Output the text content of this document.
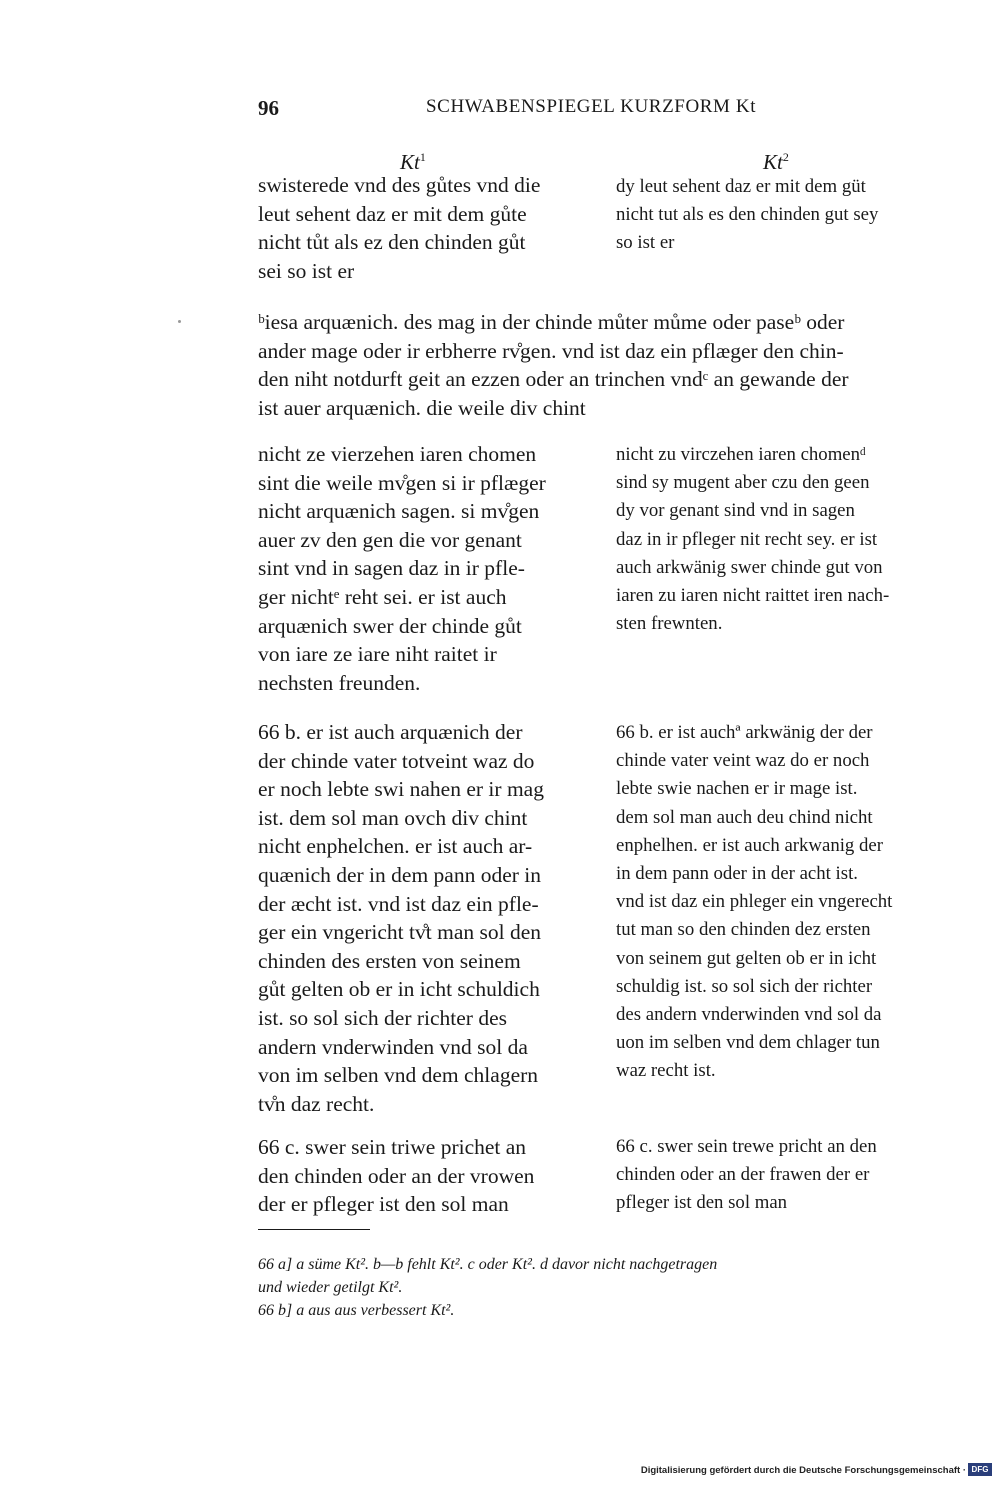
96	SCHWABENSPIEGEL KURZFORM Kt
Kt$^1$	Kt$^2$
swisterede vnd des gůtes vnd die
leut sehent daz er mit dem gůte
nicht tůt als ez den chinden gůt
sei so ist er
dy leut sehent daz er mit dem güt
nicht tut als es den chinden gut sey
so ist er
ᵇiesa arquænich. des mag in der chinde můter můme oder paseᵇ oder
ander mage oder ir erbherre rv̊gen. vnd ist daz ein pflæger den chin-
den niht notdurft geit an ezzen oder an trinchen vndᶜ an gewande der
ist auer arquænich. die weile div chint
nicht ze vierzehen iaren chomen
sint die weile mv̊gen si ir pflæger
nicht arquænich sagen. si mv̊gen
auer zv den gen die vor genant
sint vnd in sagen daz in ir pfle-
ger nichtᵉ reht sei. er ist auch
arquænich swer der chinde gůt
von iare ze iare niht raitet ir
nechsten freunden.
nicht zu virczehen iaren chomenᵈ
sind sy mugent aber czu den geen
dy vor genant sind vnd in sagen
daz in ir pfleger nit recht sey. er ist
auch arkwänig swer chinde gut von
iaren zu iaren nicht raittet iren nach-
sten frewnten.
66 b. er ist auch arquænich der
der chinde vater totveint waz do
er noch lebte swi nahen er ir mag
ist. dem sol man ovch div chint
nicht enphelchen. er ist auch ar-
quænich der in dem pann oder in
der æcht ist. vnd ist daz ein pfle-
ger ein vngericht tv̊t man sol den
chinden des ersten von seinem
gůt gelten ob er in icht schuldich
ist. so sol sich der richter des
andern vnderwinden vnd sol da
von im selben vnd dem chlagern
tv̊n daz recht.
66 b. er ist auchª arkwänig der der
chinde vater veint waz do er noch
lebte swie nachen er ir mage ist.
dem sol man auch deu chind nicht
enphelhen. er ist auch arkwanig der
in dem pann oder in der acht ist.
vnd ist daz ein phleger ein vngerecht
tut man so den chinden dez ersten
von seinem gut gelten ob er in icht
schuldig ist. so sol sich der richter
des andern vnderwinden vnd sol da
uon im selben vnd dem chlager tun
waz recht ist.
66 c. swer sein triwe prichet an
den chinden oder an der vrowen
der er pfleger ist den sol man
66 c. swer sein trewe pricht an den
chinden oder an der frawen der er
pfleger ist den sol man
66 a] a süme Kt². b—b fehlt Kt². c oder Kt². d davor nicht nachgetragen
und wieder getilgt Kt².
66 b] a aus aus verbessert Kt².
Digitalisierung gefördert durch die Deutsche Forschungsgemeinschaft · DFG
